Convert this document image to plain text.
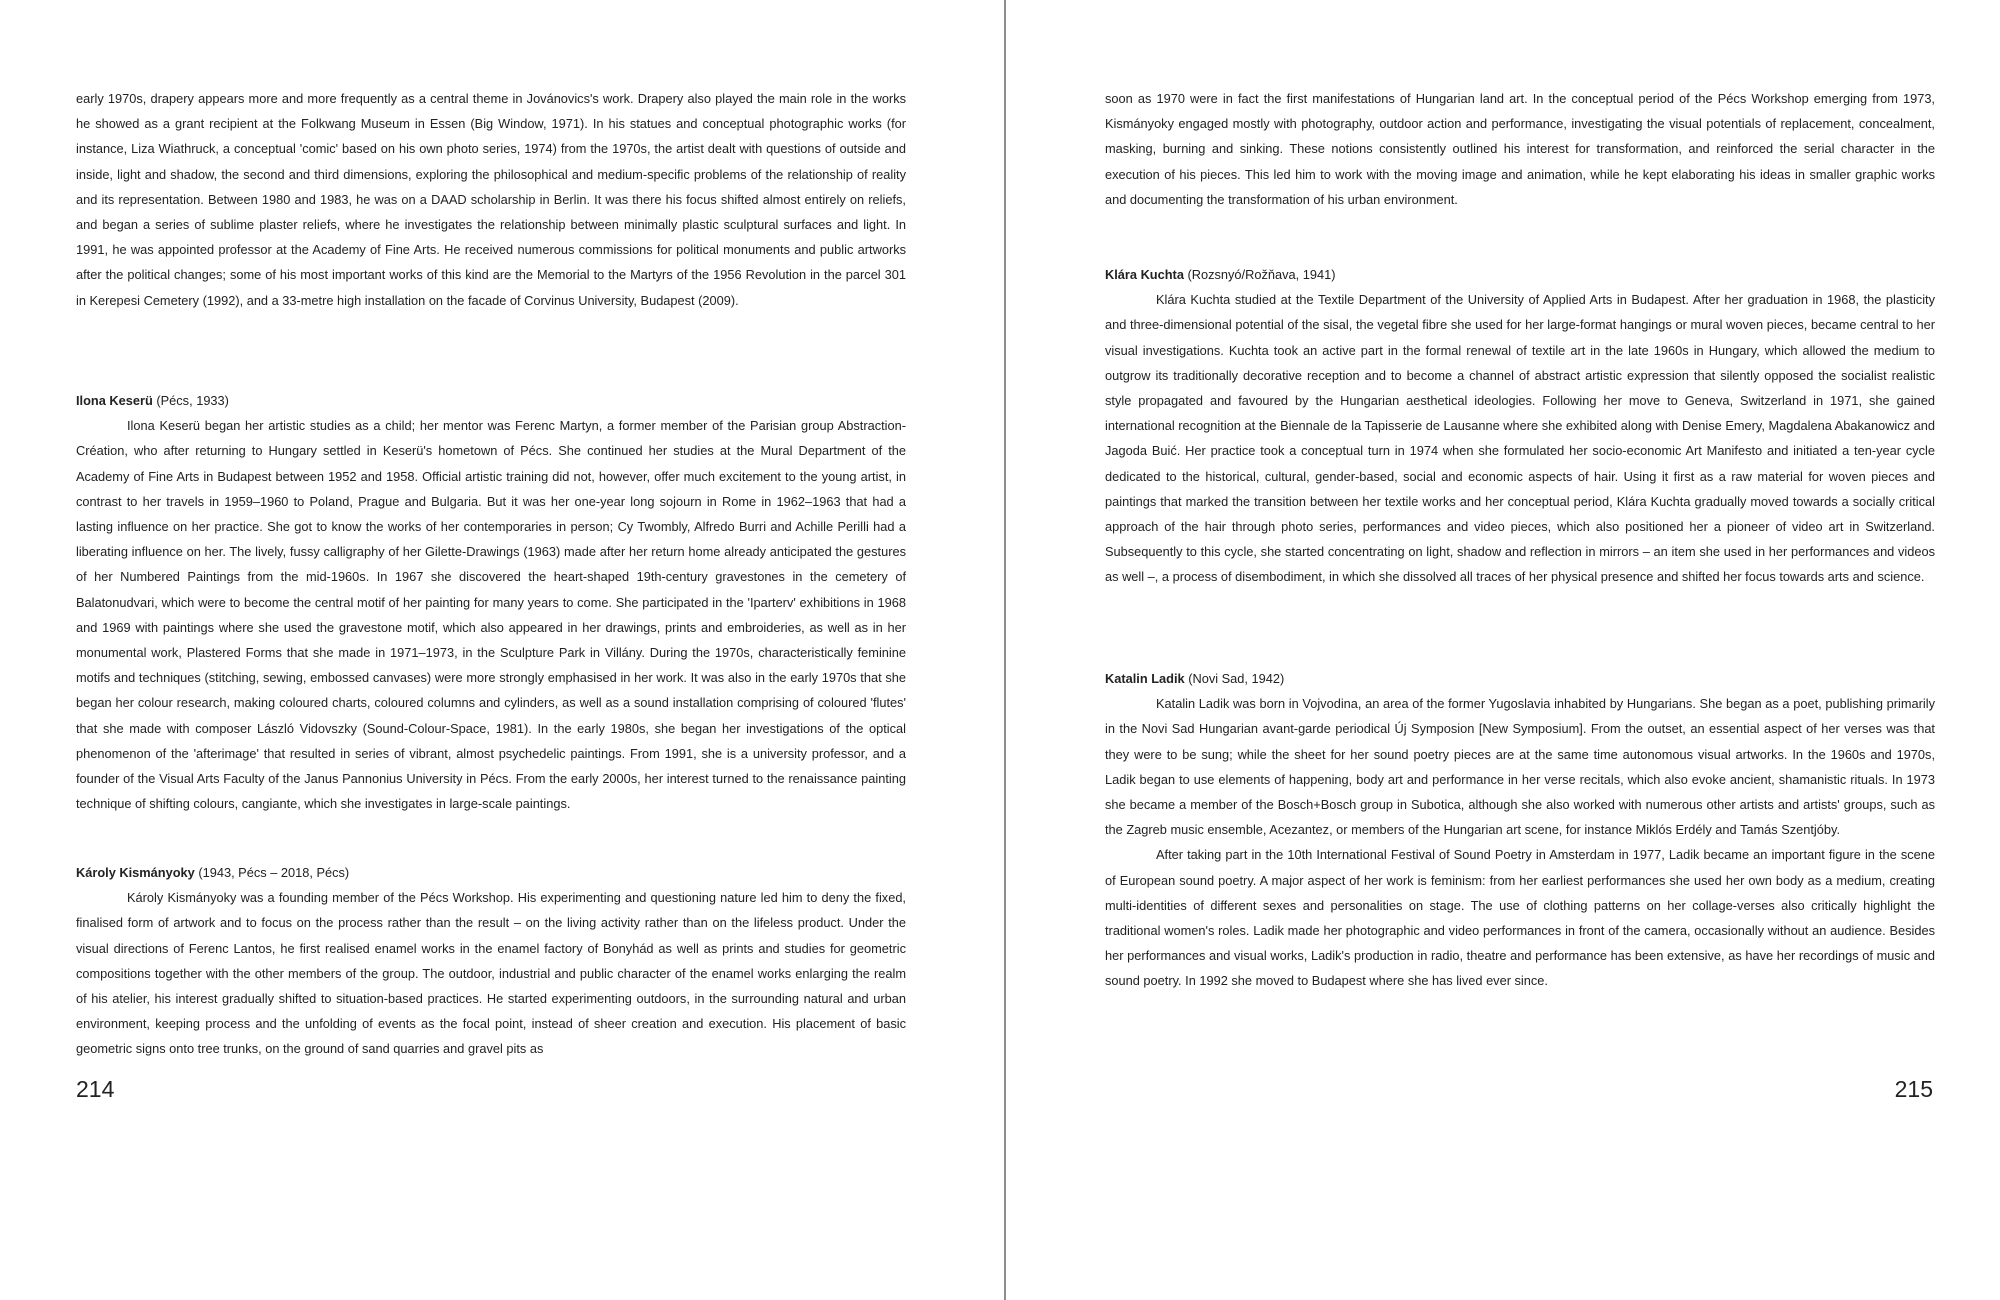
early 1970s, drapery appears more and more frequently as a central theme in Jovánovics's work. Drapery also played the main role in the works he showed as a grant recipient at the Folkwang Museum in Essen (Big Window, 1971). In his statues and conceptual photographic works (for instance, Liza Wiathruck, a conceptual 'comic' based on his own photo series, 1974) from the 1970s, the artist dealt with questions of outside and inside, light and shadow, the second and third dimensions, exploring the philosophical and medium-specific problems of the relationship of reality and its representation. Between 1980 and 1983, he was on a DAAD scholarship in Berlin. It was there his focus shifted almost entirely on reliefs, and began a series of sublime plaster reliefs, where he investigates the relationship between minimally plastic sculptural surfaces and light. In 1991, he was appointed professor at the Academy of Fine Arts. He received numerous commissions for political monuments and public artworks after the political changes; some of his most important works of this kind are the Memorial to the Martyrs of the 1956 Revolution in the parcel 301 in Kerepesi Cemetery (1992), and a 33-metre high installation on the facade of Corvinus University, Budapest (2009).

Ilona Keserü (Pécs, 1933)

Ilona Keserü began her artistic studies as a child; her mentor was Ferenc Martyn, a former member of the Parisian group Abstraction-Création, who after returning to Hungary settled in Keserü's hometown of Pécs. She continued her studies at the Mural Department of the Academy of Fine Arts in Budapest between 1952 and 1958. Official artistic training did not, however, offer much excitement to the young artist, in contrast to her travels in 1959–1960 to Poland, Prague and Bulgaria. But it was her one-year long sojourn in Rome in 1962–1963 that had a lasting influence on her practice. She got to know the works of her contemporaries in person; Cy Twombly, Alfredo Burri and Achille Perilli had a liberating influence on her. The lively, fussy calligraphy of her Gilette-Drawings (1963) made after her return home already anticipated the gestures of her Numbered Paintings from the mid-1960s. In 1967 she discovered the heart-shaped 19th-century gravestones in the cemetery of Balatonudvari, which were to become the central motif of her painting for many years to come. She participated in the 'Iparterv' exhibitions in 1968 and 1969 with paintings where she used the gravestone motif, which also appeared in her drawings, prints and embroideries, as well as in her monumental work, Plastered Forms that she made in 1971–1973, in the Sculpture Park in Villány. During the 1970s, characteristically feminine motifs and techniques (stitching, sewing, embossed canvases) were more strongly emphasised in her work. It was also in the early 1970s that she began her colour research, making coloured charts, coloured columns and cylinders, as well as a sound installation comprising of coloured 'flutes' that she made with composer László Vidovszky (Sound-Colour-Space, 1981). In the early 1980s, she began her investigations of the optical phenomenon of the 'afterimage' that resulted in series of vibrant, almost psychedelic paintings. From 1991, she is a university professor, and a founder of the Visual Arts Faculty of the Janus Pannonius University in Pécs. From the early 2000s, her interest turned to the renaissance painting technique of shifting colours, cangiante, which she investigates in large-scale paintings.

Károly Kismányoky (1943, Pécs – 2018, Pécs)

Károly Kismányoky was a founding member of the Pécs Workshop. His experimenting and questioning nature led him to deny the fixed, finalised form of artwork and to focus on the process rather than the result – on the living activity rather than on the lifeless product. Under the visual directions of Ferenc Lantos, he first realised enamel works in the enamel factory of Bonyhád as well as prints and studies for geometric compositions together with the other members of the group. The outdoor, industrial and public character of the enamel works enlarging the realm of his atelier, his interest gradually shifted to situation-based practices. He started experimenting outdoors, in the surrounding natural and urban environment, keeping process and the unfolding of events as the focal point, instead of sheer creation and execution. His placement of basic geometric signs onto tree trunks, on the ground of sand quarries and gravel pits as

214

soon as 1970 were in fact the first manifestations of Hungarian land art. In the conceptual period of the Pécs Workshop emerging from 1973, Kismányoky engaged mostly with photography, outdoor action and performance, investigating the visual potentials of replacement, concealment, masking, burning and sinking. These notions consistently outlined his interest for transformation, and reinforced the serial character in the execution of his pieces. This led him to work with the moving image and animation, while he kept elaborating his ideas in smaller graphic works and documenting the transformation of his urban environment.

Klára Kuchta (Rozsnyó/Rožňava, 1941)

Klára Kuchta studied at the Textile Department of the University of Applied Arts in Budapest. After her graduation in 1968, the plasticity and three-dimensional potential of the sisal, the vegetal fibre she used for her large-format hangings or mural woven pieces, became central to her visual investigations. Kuchta took an active part in the formal renewal of textile art in the late 1960s in Hungary, which allowed the medium to outgrow its traditionally decorative reception and to become a channel of abstract artistic expression that silently opposed the socialist realistic style propagated and favoured by the Hungarian aesthetical ideologies. Following her move to Geneva, Switzerland in 1971, she gained international recognition at the Biennale de la Tapisserie de Lausanne where she exhibited along with Denise Emery, Magdalena Abakanowicz and Jagoda Buić. Her practice took a conceptual turn in 1974 when she formulated her socio-economic Art Manifesto and initiated a ten-year cycle dedicated to the historical, cultural, gender-based, social and economic aspects of hair. Using it first as a raw material for woven pieces and paintings that marked the transition between her textile works and her conceptual period, Klára Kuchta gradually moved towards a socially critical approach of the hair through photo series, performances and video pieces, which also positioned her a pioneer of video art in Switzerland. Subsequently to this cycle, she started concentrating on light, shadow and reflection in mirrors – an item she used in her performances and videos as well –, a process of disembodiment, in which she dissolved all traces of her physical presence and shifted her focus towards arts and science.

Katalin Ladik (Novi Sad, 1942)

Katalin Ladik was born in Vojvodina, an area of the former Yugoslavia inhabited by Hungarians. She began as a poet, publishing primarily in the Novi Sad Hungarian avant-garde periodical Új Symposion [New Symposium]. From the outset, an essential aspect of her verses was that they were to be sung; while the sheet for her sound poetry pieces are at the same time autonomous visual artworks. In the 1960s and 1970s, Ladik began to use elements of happening, body art and performance in her verse recitals, which also evoke ancient, shamanistic rituals. In 1973 she became a member of the Bosch+Bosch group in Subotica, although she also worked with numerous other artists and artists' groups, such as the Zagreb music ensemble, Acezantez, or members of the Hungarian art scene, for instance Miklós Erdély and Tamás Szentjóby.

After taking part in the 10th International Festival of Sound Poetry in Amsterdam in 1977, Ladik became an important figure in the scene of European sound poetry. A major aspect of her work is feminism: from her earliest performances she used her own body as a medium, creating multi-identities of different sexes and personalities on stage. The use of clothing patterns on her collage-verses also critically highlight the traditional women's roles. Ladik made her photographic and video performances in front of the camera, occasionally without an audience. Besides her performances and visual works, Ladik's production in radio, theatre and performance has been extensive, as have her recordings of music and sound poetry. In 1992 she moved to Budapest where she has lived ever since.

215
